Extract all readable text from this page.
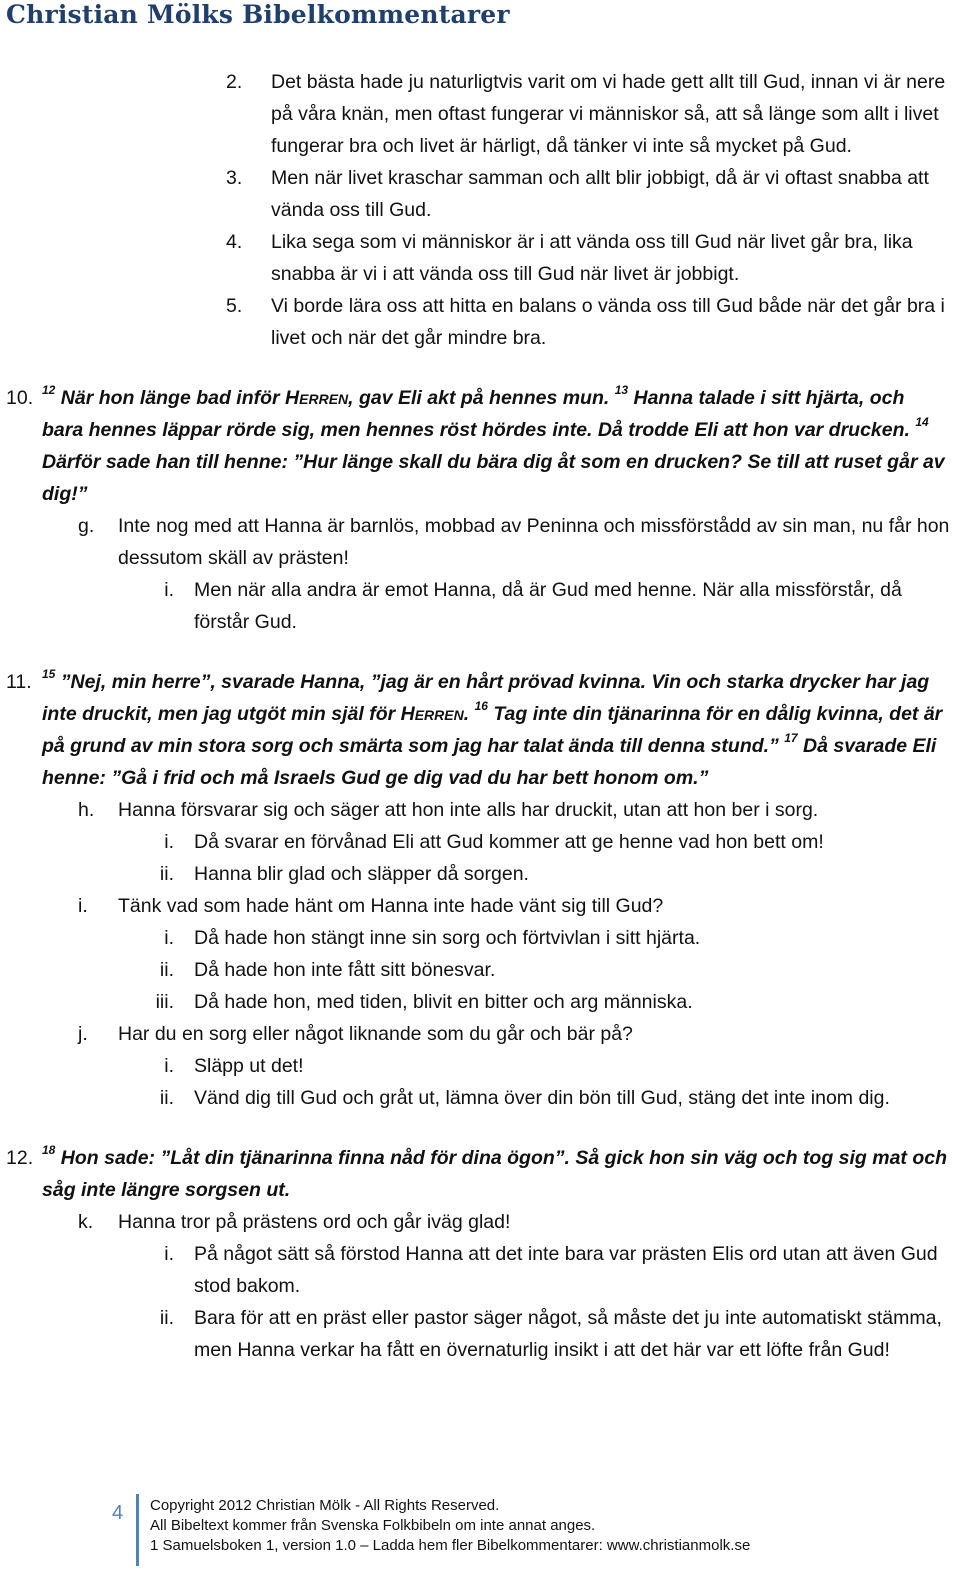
Christian Mölks Bibelkommentarer
2.	Det bästa hade ju naturligtvis varit om vi hade gett allt till Gud, innan vi är nere på våra knän, men oftast fungerar vi människor så, att så länge som allt i livet fungerar bra och livet är härligt, då tänker vi inte så mycket på Gud.
3.	Men när livet kraschar samman och allt blir jobbigt, då är vi oftast snabba att vända oss till Gud.
4.	Lika sega som vi människor är i att vända oss till Gud när livet går bra, lika snabba är vi i att vända oss till Gud när livet är jobbigt.
5.	Vi borde lära oss att hitta en balans o vända oss till Gud både när det går bra i livet och när det går mindre bra.
10. $^{12}$ När hon länge bad inför Herren, gav Eli akt på hennes mun. $^{13}$ Hanna talade i sitt hjärta, och bara hennes läppar rörde sig, men hennes röst hördes inte. Då trodde Eli att hon var drucken. $^{14}$ Därför sade han till henne: ”Hur länge skall du bära dig åt som en drucken? Se till att ruset går av dig!”
g. Inte nog med att Hanna är barnlös, mobbad av Peninna och missförstådd av sin man, nu får hon dessutom skäll av prästen!
i. Men när alla andra är emot Hanna, då är Gud med henne. När alla missförstår, då förstår Gud.
11. $^{15}$ ”Nej, min herre”, svarade Hanna, ”jag är en hårt prövad kvinna. Vin och starka drycker har jag inte druckit, men jag utgöt min själ för Herren. $^{16}$ Tag inte din tjänarinna för en dålig kvinna, det är på grund av min stora sorg och smärta som jag har talat ända till denna stund.” $^{17}$ Då svarade Eli henne: ”Gå i frid och må Israels Gud ge dig vad du har bett honom om.”
h. Hanna försvarar sig och säger att hon inte alls har druckit, utan att hon ber i sorg.
i. Då svarar en förvånad Eli att Gud kommer att ge henne vad hon bett om!
ii. Hanna blir glad och släpper då sorgen.
i. Tänk vad som hade hänt om Hanna inte hade vänt sig till Gud?
i. Då hade hon stängt inne sin sorg och förtvivlan i sitt hjärta.
ii. Då hade hon inte fått sitt bönesvar.
iii. Då hade hon, med tiden, blivit en bitter och arg människa.
j. Har du en sorg eller något liknande som du går och bär på?
i. Släpp ut det!
ii. Vänd dig till Gud och gråt ut, lämna över din bön till Gud, stäng det inte inom dig.
12. $^{18}$ Hon sade: ”Låt din tjänarinna finna nåd för dina ögon”. Så gick hon sin väg och tog sig mat och såg inte längre sorgsen ut.
k. Hanna tror på prästens ord och går iväg glad!
i. På något sätt så förstod Hanna att det inte bara var prästen Elis ord utan att även Gud stod bakom.
ii. Bara för att en präst eller pastor säger något, så måste det ju inte automatiskt stämma, men Hanna verkar ha fått en övernaturlig insikt i att det här var ett löfte från Gud!
4 Copyright 2012 Christian Mölk - All Rights Reserved.
All Bibeltext kommer från Svenska Folkbibeln om inte annat anges.
1 Samuelsboken 1, version 1.0 – Ladda hem fler Bibelkommentarer: www.christianmolk.se
